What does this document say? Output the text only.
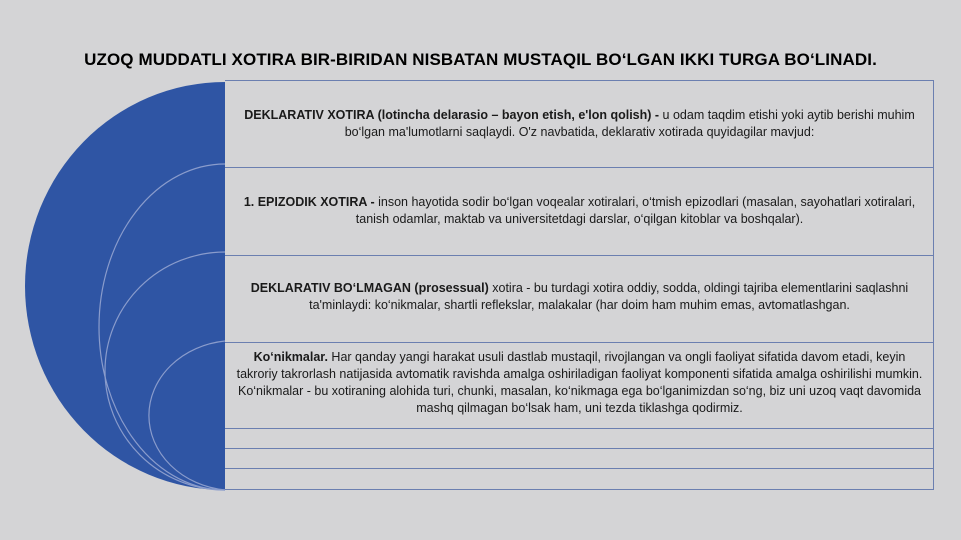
UZOQ MUDDATLI XOTIRA BIR-BIRIDAN NISBATAN MUSTAQIL BO‘LGAN IKKI TURGA BO‘LINADI.
DEKLARATIV XOTIRA (lotincha delarasio – bayon etish, e'lon qolish) - u odam taqdim etishi yoki aytib berishi muhim bo‘lgan ma'lumotlarni saqlaydi. O'z navbatida, deklarativ xotirada quyidagilar mavjud:
1. EPIZODIK XOTIRA - inson hayotida sodir bo‘lgan voqealar xotiralari, o‘tmish epizodlari (masalan, sayohatlari xotiralari, tanish odamlar, maktab va universitetdagi darslar, o‘qilgan kitoblar va boshqalar).
DEKLARATIV BO‘LMAGAN (prosessual) xotira - bu turdagi xotira oddiy, sodda, oldingi tajriba elementlarini saqlashni ta'minlaydi: ko‘nikmalar, shartli reflekslar, malakalar (har doim ham muhim emas, avtomatlashgan.
Ko‘nikmalar. Har qanday yangi harakat usuli dastlab mustaqil, rivojlangan va ongli faoliyat sifatida davom etadi, keyin takroriy takrorlash natijasida avtomatik ravishda amalga oshiriladigan faoliyat komponenti sifatida amalga oshirilishi mumkin. Ko‘nikmalar - bu xotiraning alohida turi, chunki, masalan, ko‘nikmaga ega bo‘lganimizdan so‘ng, biz uni uzoq vaqt davomida mashq qilmagan bo‘lsak ham, uni tezda tiklashga qodirmiz.
